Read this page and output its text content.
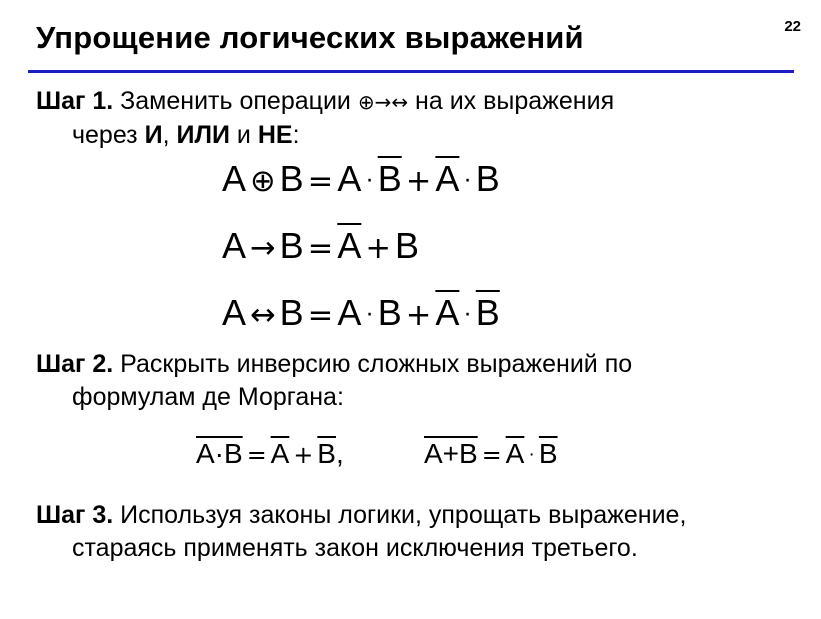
22
Упрощение логических выражений
Шаг 1. Заменить операции ⊕→↔ на их выражения
через И, ИЛИ и НЕ:
A ⊕ $B = A \cdot \overline{B} + \overline{A} \cdot B$
$A \to B = \overline{A} + B$
A ↔ $B = A \cdot B + \overline{A} \cdot \overline{B}$
Шаг 2. Раскрыть инверсию сложных выражений по
формулам де Моргана:
$A\cdot B = \overline{A} + \overline{B}$,	$A+B = \overline{A} \cdot \overline{B}$
Шаг 3. Используя законы логики, упрощать выражение,
стараясь применять закон исключения третьего.
